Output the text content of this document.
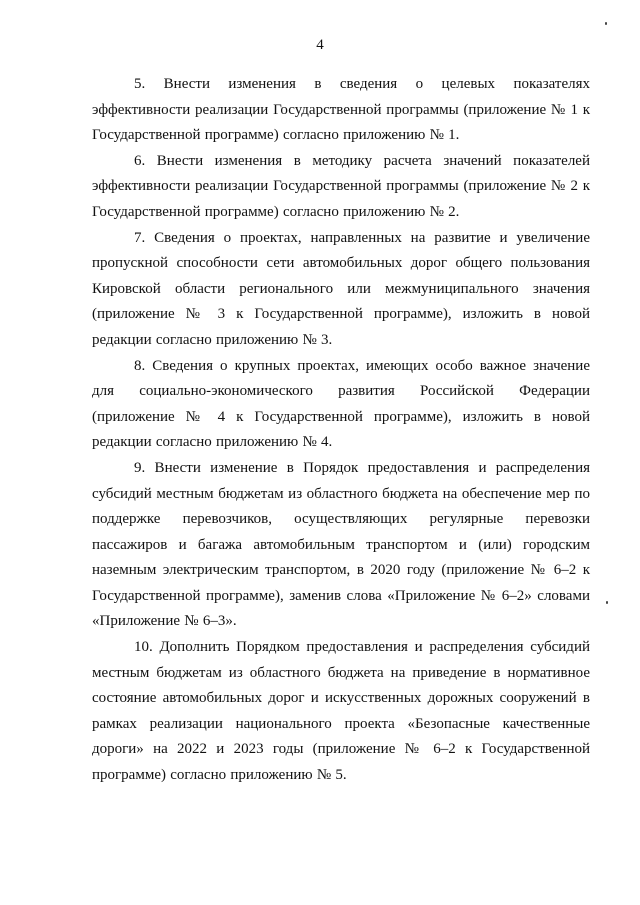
4

5. Внести изменения в сведения о целевых показателях эффективности реализации Государственной программы (приложение № 1 к Государственной программе) согласно приложению № 1.

6. Внести изменения в методику расчета значений показателей эффективности реализации Государственной программы (приложение № 2 к Государственной программе) согласно приложению № 2.

7. Сведения о проектах, направленных на развитие и увеличение пропускной способности сети автомобильных дорог общего пользования Кировской области регионального или межмуниципального значения (приложение № 3 к Государственной программе), изложить в новой редакции согласно приложению № 3.

8. Сведения о крупных проектах, имеющих особо важное значение для социально-экономического развития Российской Федерации (приложение № 4 к Государственной программе), изложить в новой редакции согласно приложению № 4.

9. Внести изменение в Порядок предоставления и распределения субсидий местным бюджетам из областного бюджета на обеспечение мер по поддержке перевозчиков, осуществляющих регулярные перевозки пассажиров и багажа автомобильным транспортом и (или) городским наземным электрическим транспортом, в 2020 году (приложение № 6–2 к Государственной программе), заменив слова «Приложение № 6–2» словами «Приложение № 6–3».

10. Дополнить Порядком предоставления и распределения субсидий местным бюджетам из областного бюджета на приведение в нормативное состояние автомобильных дорог и искусственных дорожных сооружений в рамках реализации национального проекта «Безопасные качественные дороги» на 2022 и 2023 годы (приложение № 6–2 к Государственной программе) согласно приложению № 5.
